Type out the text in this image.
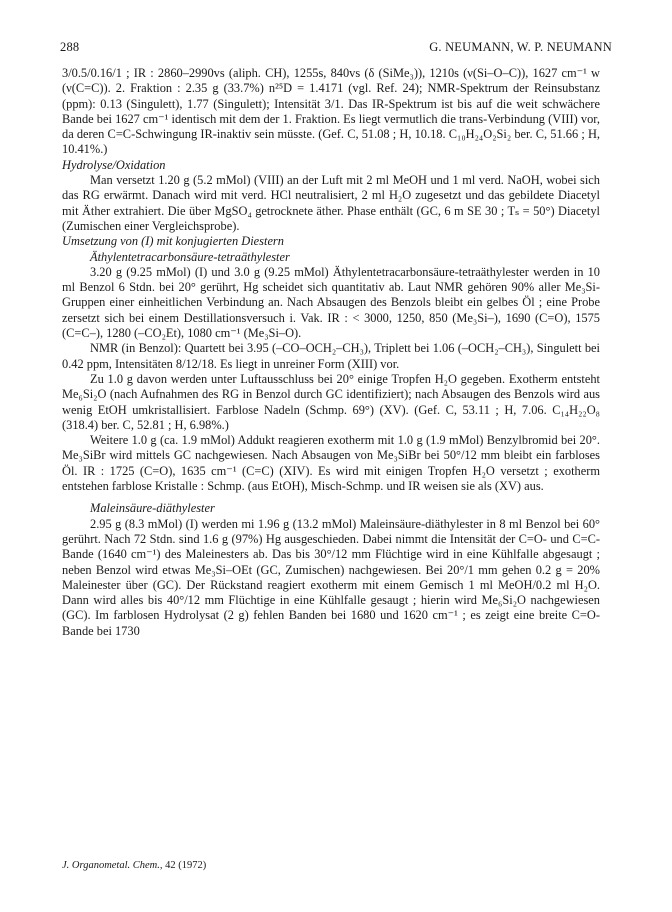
288	G. NEUMANN, W. P. NEUMANN

3/0.5/0.16/1 ; IR : 2860–2990vs (aliph. CH), 1255s, 840vs (δ (SiMe₃)), 1210s (ν(Si–O–C)), 1627 cm⁻¹ w (ν(C=C)). 2. Fraktion : 2.35 g (33.7%) n²⁵D = 1.4171 (vgl. Ref. 24); NMR-Spektrum der Reinsubstanz (ppm): 0.13 (Singulett), 1.77 (Singulett); Intensität 3/1. Das IR-Spektrum ist bis auf die weit schwächere Bande bei 1627 cm⁻¹ identisch mit dem der 1. Fraktion. Es liegt vermutlich die trans-Verbindung (VIII) vor, da deren C=C-Schwingung IR-inaktiv sein müsste. (Gef. C, 51.08 ; H, 10.18. C₁₀H₂₄O₂Si₂ ber. C, 51.66 ; H, 10.41%.)

Hydrolyse/Oxidation

Man versetzt 1.20 g (5.2 mMol) (VIII) an der Luft mit 2 ml MeOH und 1 ml verd. NaOH, wobei sich das RG erwärmt. Danach wird mit verd. HCl neutralisiert, 2 ml H₂O zugesetzt und das gebildete Diacetyl mit Äther extrahiert. Die über MgSO₄ getrocknete äther. Phase enthält (GC, 6 m SE 30 ; Tₛ = 50°) Diacetyl (Zumischen einer Vergleichsprobe).

Umsetzung von (I) mit konjugierten Diestern

Äthylentetracarbonsäure-tetraäthylester

3.20 g (9.25 mMol) (I) und 3.0 g (9.25 mMol) Äthylentetracarbonsäure-tetraäthylester werden in 10 ml Benzol 6 Stdn. bei 20° gerührt, Hg scheidet sich quantitativ ab. Laut NMR gehören 90% aller Me₃Si-Gruppen einer einheitlichen Verbindung an. Nach Absaugen des Benzols bleibt ein gelbes Öl ; eine Probe zersetzt sich bei einem Destillationsversuch i. Vak. IR : < 3000, 1250, 850 (Me₃Si–), 1690 (C=O), 1575 (C=C–), 1280 (–CO₂Et), 1080 cm⁻¹ (Me₃Si–O).

NMR (in Benzol): Quartett bei 3.95 (–CO–OCH₂–CH₃), Triplett bei 1.06 (–OCH₂–CH₃), Singulett bei 0.42 ppm, Intensitäten 8/12/18. Es liegt in unreiner Form (XIII) vor.

Zu 1.0 g davon werden unter Luftausschluss bei 20° einige Tropfen H₂O gegeben. Exotherm entsteht Me₆Si₂O (nach Aufnahmen des RG in Benzol durch GC identifiziert); nach Absaugen des Benzols wird aus wenig EtOH umkristallisiert. Farblose Nadeln (Schmp. 69°) (XV). (Gef. C, 53.11 ; H, 7.06. C₁₄H₂₂O₈ (318.4) ber. C, 52.81 ; H, 6.98%.)

Weitere 1.0 g (ca. 1.9 mMol) Addukt reagieren exotherm mit 1.0 g (1.9 mMol) Benzylbromid bei 20°. Me₃SiBr wird mittels GC nachgewiesen. Nach Absaugen von Me₃SiBr bei 50°/12 mm bleibt ein farbloses Öl. IR : 1725 (C=O), 1635 cm⁻¹ (C=C) (XIV). Es wird mit einigen Tropfen H₂O versetzt ; exotherm entstehen farblose Kristalle : Schmp. (aus EtOH), Misch-Schmp. und IR weisen sie als (XV) aus.

Maleinsäure-diäthylester

2.95 g (8.3 mMol) (I) werden mi 1.96 g (13.2 mMol) Maleinsäure-diäthylester in 8 ml Benzol bei 60° gerührt. Nach 72 Stdn. sind 1.6 g (97%) Hg ausgeschieden. Dabei nimmt die Intensität der C=O- und C=C-Bande (1640 cm⁻¹) des Maleinesters ab. Das bis 30°/12 mm Flüchtige wird in eine Kühlfalle abgesaugt ; neben Benzol wird etwas Me₃Si–OEt (GC, Zumischen) nachgewiesen. Bei 20°/1 mm gehen 0.2 g = 20% Maleinester über (GC). Der Rückstand reagiert exotherm mit einem Gemisch 1 ml MeOH/0.2 ml H₂O. Dann wird alles bis 40°/12 mm Flüchtige in eine Kühlfalle gesaugt ; hierin wird Me₆Si₂O nachgewiesen (GC). Im farblosen Hydrolysat (2 g) fehlen Banden bei 1680 und 1620 cm⁻¹ ; es zeigt eine breite C=O-Bande bei 1730

J. Organometal. Chem., 42 (1972)
